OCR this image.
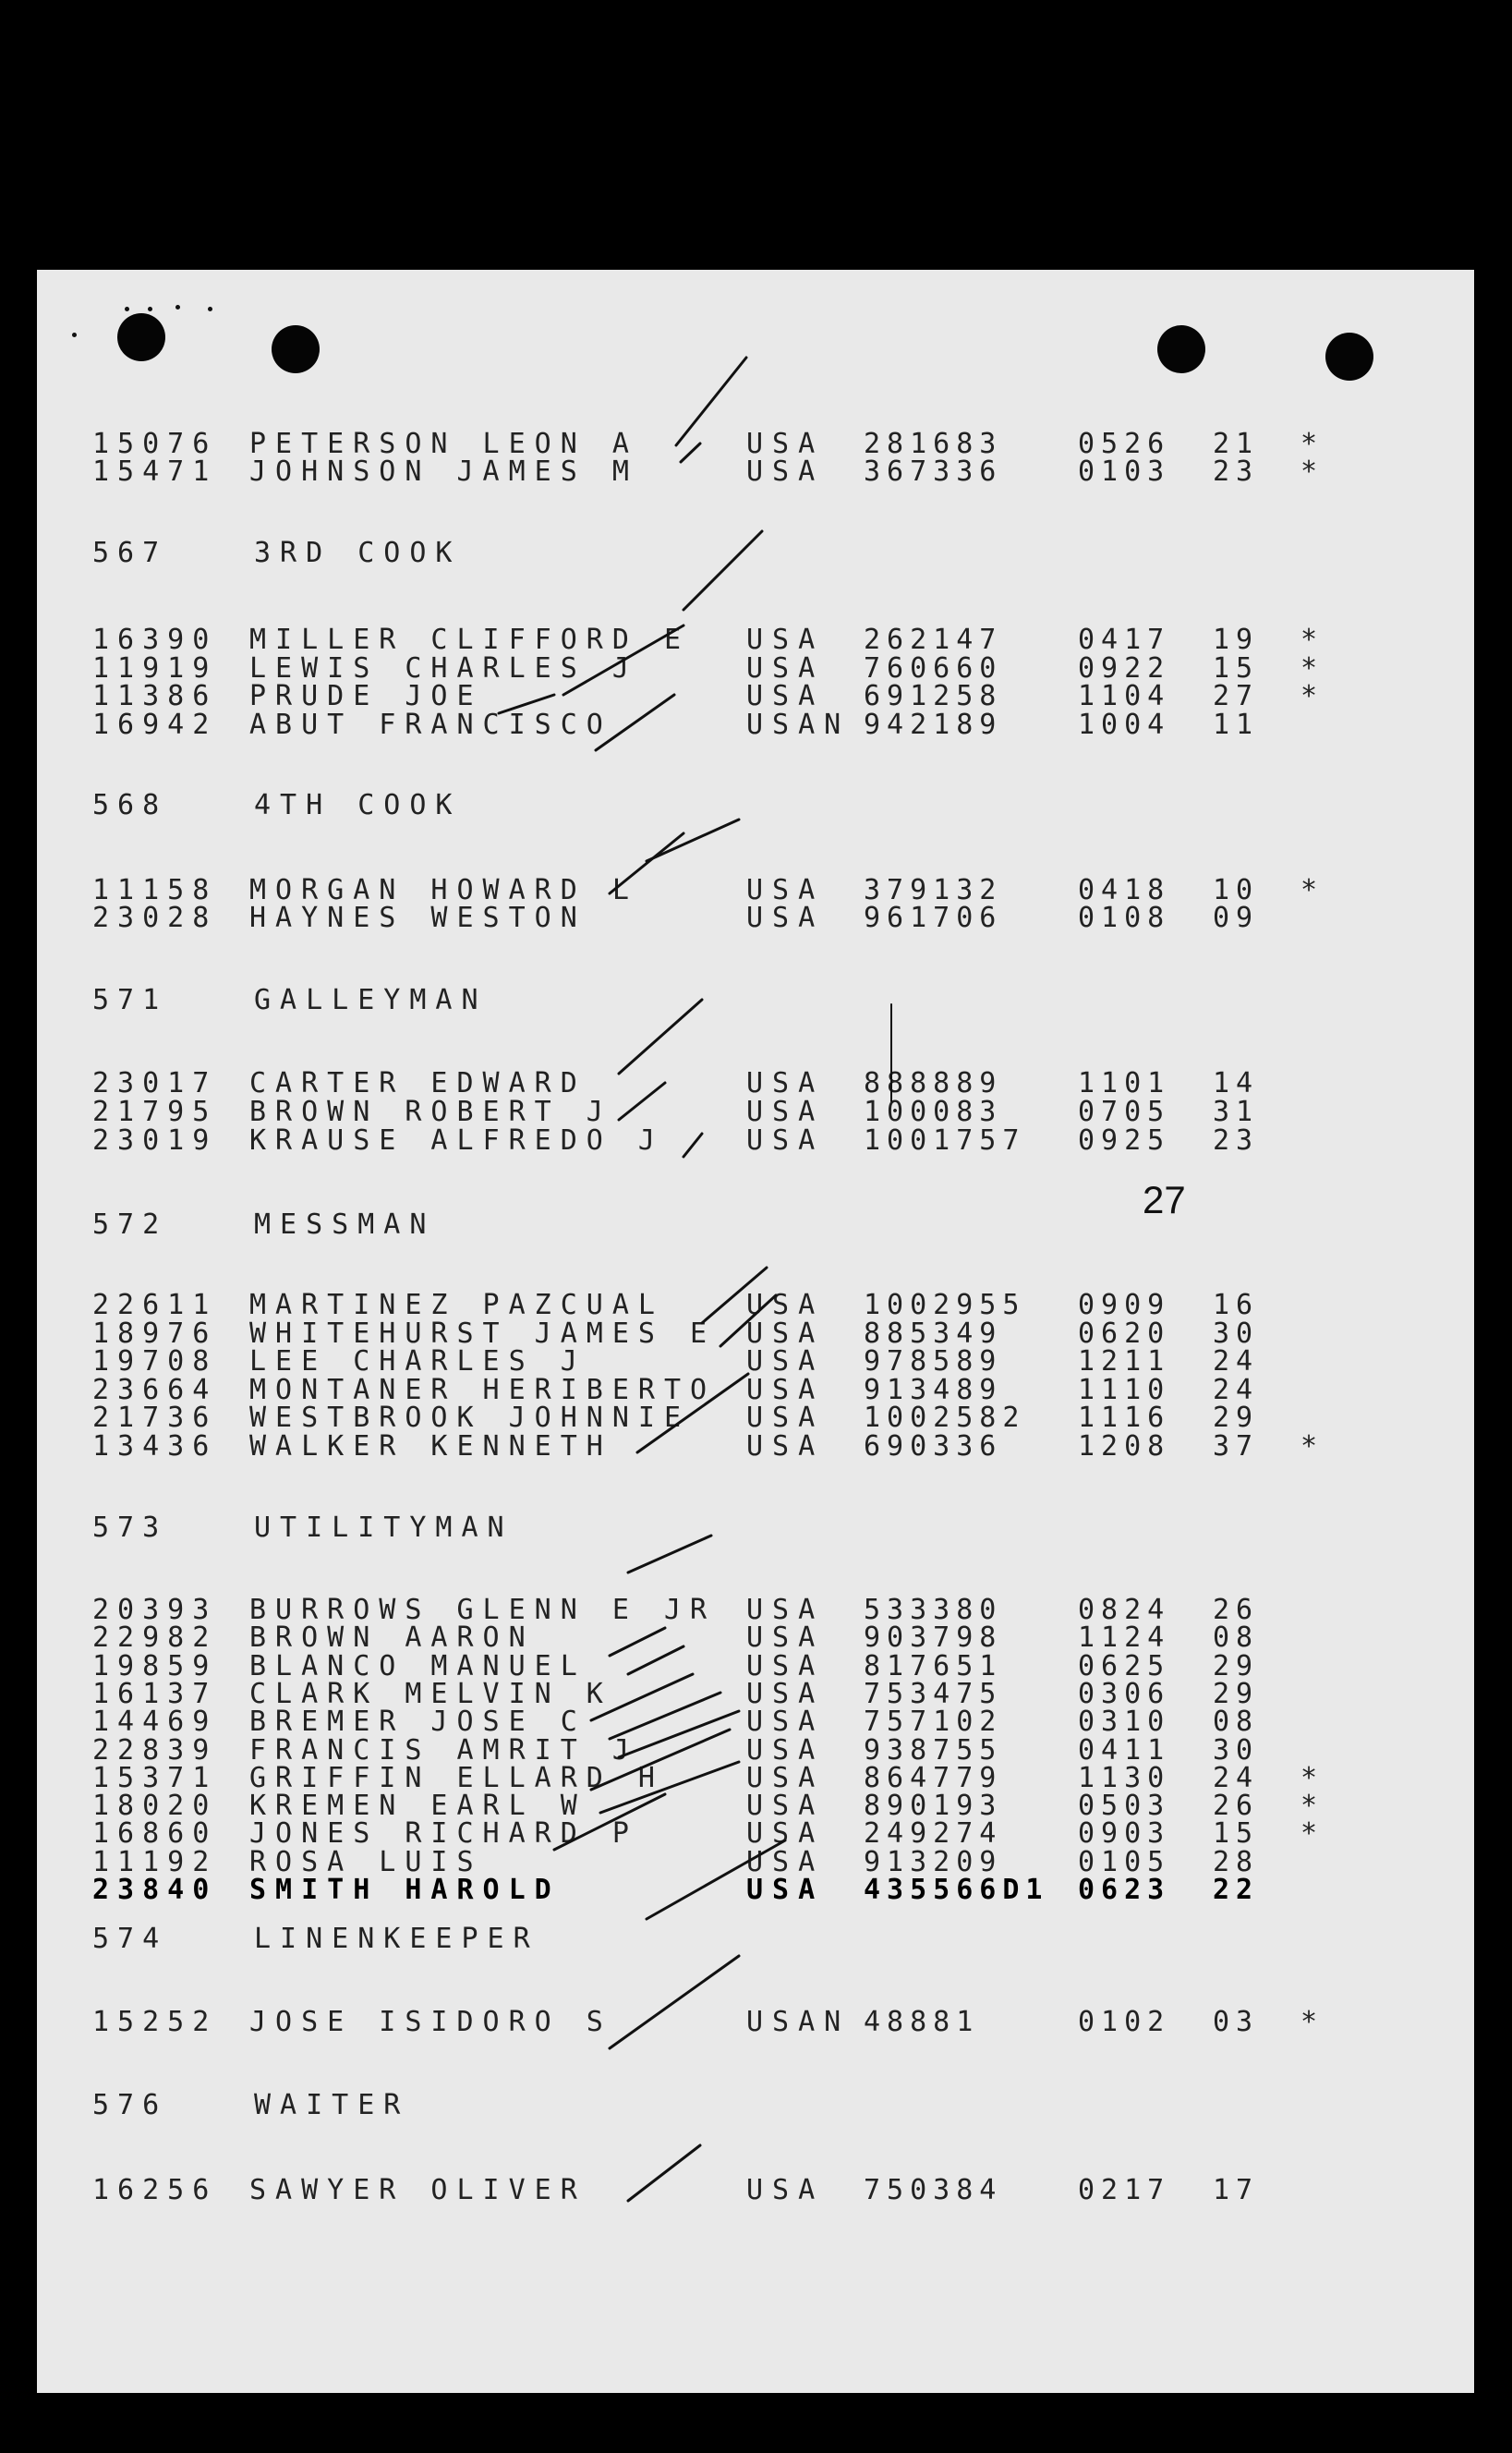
15076 PETERSON LEON A	USA 281683	0526 21 *
15471 JOHNSON JAMES M	USA 367336	0103 23 *
567	3RD COOK
16390 MILLER CLIFFORD E USA 262147	0417 19 *
11919 LEWIS CHARLES J	USA 760660	0922 15 *
11386 PRUDE JOE	USA 691258	1104 27 *
16942 ABUT FRANCISCO	USAN 942189	1004 11
568	4TH COOK
11158 MORGAN HOWARD L	USA 379132	0418 10 *
23028 HAYNES WESTON	USA 961706	0108 09
571	GALLEYMAN
23017 CARTER EDWARD	USA 888889	1101 14
21795 BROWN ROBERT J	USA 100083	0705 31
23019 KRAUSE ALFREDO J	USA 1001757 0925 23
572	MESSMAN
22611 MARTINEZ PAZCUAL	USA 1002955 0909 16
18976 WHITEHURST JAMES E USA 885349	0620 30
19708 LEE CHARLES J	USA 978589	1211 24
23664 MONTANER HERIBERTO USA 913489	1110 24
21736 WESTBROOK JOHNNIE USA 1002582 1116 29
13436 WALKER KENNETH	USA 690336	1208 37 *
573	UTILITYMAN
20393 BURROWS GLENN E JR USA 533380	0824 26
22982 BROWN AARON	USA 903798	1124 08
19859 BLANCO MANUEL	USA 817651	0625 29
16137 CLARK MELVIN K	USA 753475	0306 29
14469 BREMER JOSE C	USA 757102	0310 08
22839 FRANCIS AMRIT J	USA 938755	0411 30
15371 GRIFFIN ELLARD H	USA 864779	1130 24 *
18020 KREMEN EARL W	USA 890193	0503 26 *
16860 JONES RICHARD P	USA 249274	0903 15 *
11192 ROSA LUIS	USA 913209	0105 28
23840 SMITH HAROLD	USA 435566D1 0623 22
574	LINENKEEPER
15252 JOSE ISIDORO S	USAN 48881	0102 03 *
576	WAITER
16256 SAWYER OLIVER	USA 750384	0217 17
27
